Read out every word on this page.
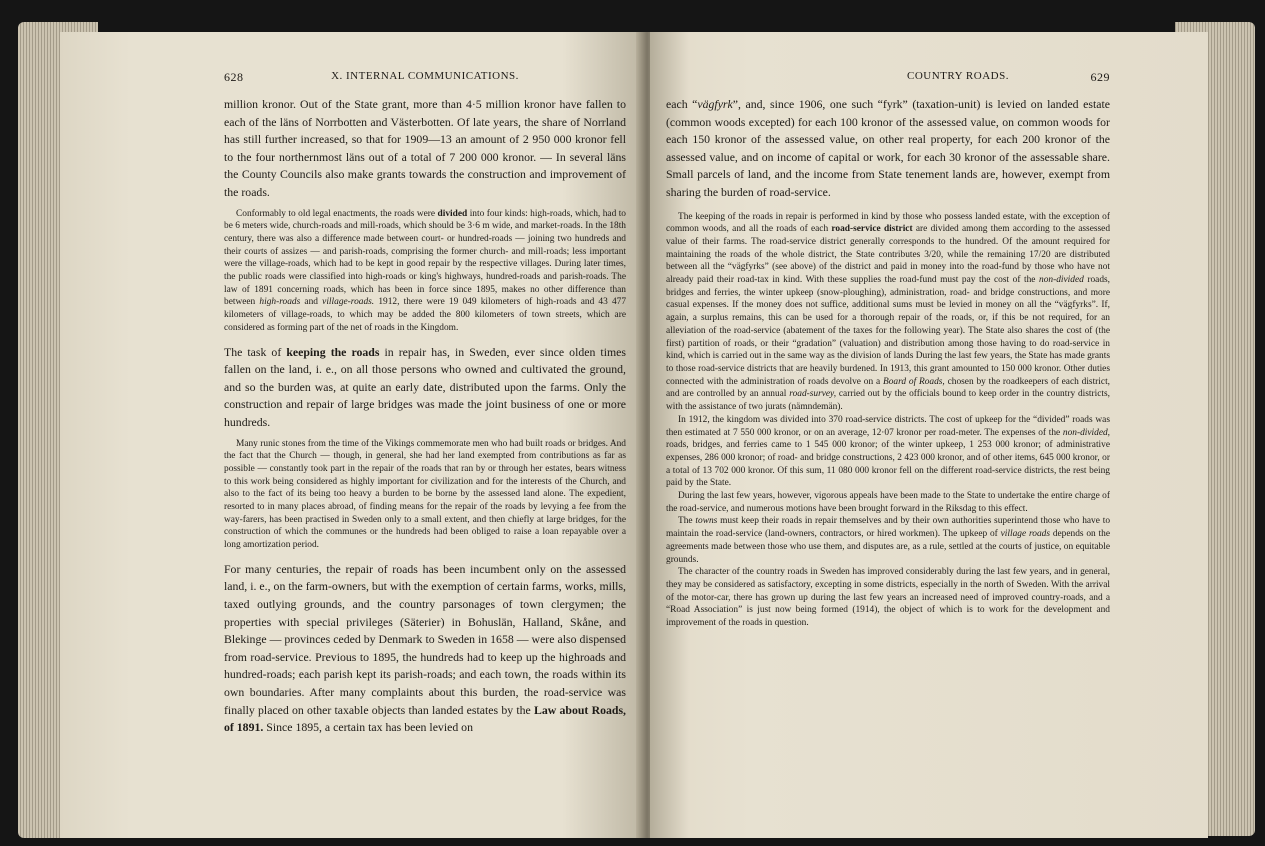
628	X. INTERNAL COMMUNICATIONS.

million kronor. Out of the State grant, more than 4·5 million kronor have fallen to each of the läns of Norrbotten and Västerbotten. Of late years, the share of Norrland has still further increased, so that for 1909—13 an amount of 2 950 000 kronor fell to the four northernmost läns out of a total of 7 200 000 kronor. — In several läns the County Councils also make grants towards the construction and improvement of the roads.

Conformably to old legal enactments, the roads were divided into four kinds: high-roads, which, had to be 6 meters wide, church-roads and mill-roads, which should be 3·6 m wide, and market-roads. In the 18th century, there was also a difference made between court- or hundred-roads — joining two hundreds and their courts of assizes — and parish-roads, comprising the former church- and mill-roads; less important were the village-roads, which had to be kept in good repair by the respective villages. During later times, the public roads were classified into high-roads or king's highways, hundred-roads and parish-roads. The law of 1891 concerning roads, which has been in force since 1895, makes no other difference than between high-roads and village-roads. 1912, there were 19 049 kilometers of high-roads and 43 477 kilometers of village-roads, to which may be added the 800 kilometers of town streets, which are considered as forming part of the net of roads in the Kingdom.

The task of keeping the roads in repair has, in Sweden, ever since olden times fallen on the land, i. e., on all those persons who owned and cultivated the ground, and so the burden was, at quite an early date, distributed upon the farms. Only the construction and repair of large bridges was made the joint business of one or more hundreds.

Many runic stones from the time of the Vikings commemorate men who had built roads or bridges. And the fact that the Church — though, in general, she had her land exempted from contributions as far as possible — constantly took part in the repair of the roads that ran by or through her estates, bears witness to this work being considered as highly important for civilization and for the interests of the Church, and also to the fact of its being too heavy a burden to be borne by the assessed land alone. The expedient, resorted to in many places abroad, of finding means for the repair of the roads by levying a fee from the way-farers, has been practised in Sweden only to a small extent, and then chiefly at large bridges, for the construction of which the communes or the hundreds had been obliged to raise a loan repayable over a long amortization period.

For many centuries, the repair of roads has been incumbent only on the assessed land, i. e., on the farm-owners, but with the exemption of certain farms, works, mills, taxed outlying grounds, and the country parsonages of town clergymen; the properties with special privileges (Säterier) in Bohuslän, Halland, Skåne, and Blekinge — provinces ceded by Denmark to Sweden in 1658 — were also dispensed from road-service. Previous to 1895, the hundreds had to keep up the highroads and hundred-roads; each parish kept its parish-roads; and each town, the roads within its own boundaries. After many complaints about this burden, the road-service was finally placed on other taxable objects than landed estates by the Law about Roads, of 1891. Since 1895, a certain tax has been levied on

COUNTRY ROADS.	629

each “vägfyrk”, and, since 1906, one such “fyrk” (taxation-unit) is levied on landed estate (common woods excepted) for each 100 kronor of the assessed value, on common woods for each 150 kronor of the assessed value, on other real property, for each 200 kronor of the assessed value, and on income of capital or work, for each 30 kronor of the assessable share. Small parcels of land, and the income from State tenement lands are, however, exempt from sharing the burden of road-service.

The keeping of the roads in repair is performed in kind by those who possess landed estate, with the exception of common woods, and all the roads of each road-service district are divided among them according to the assessed value of their farms. The road-service district generally corresponds to the hundred. Of the amount required for maintaining the roads of the whole district, the State contributes 3/20, while the remaining 17/20 are distributed between all the “vägfyrks” (see above) of the district and paid in money into the road-fund by those who have not already paid their road-tax in kind. With these supplies the road-fund must pay the cost of the non-divided roads, bridges and ferries, the winter upkeep (snow-ploughing), administration, road- and bridge constructions, and more casual expenses. If the money does not suffice, additional sums must be levied in money on all the “vägfyrks”. If, again, a surplus remains, this can be used for a thorough repair of the roads, or, if this be not required, for an alleviation of the road-service (abatement of the taxes for the following year). The State also shares the cost of (the first) partition of roads, or their “gradation” (valuation) and distribution among those having to do road-service in kind, which is carried out in the same way as the division of lands During the last few years, the State has made grants to those road-service districts that are heavily burdened. In 1913, this grant amounted to 150 000 kronor. Other duties connected with the administration of roads devolve on a Board of Roads, chosen by the roadkeepers of each district, and are controlled by an annual road-survey, carried out by the officials bound to keep order in the country districts, with the assistance of two jurats (nämndemän).

In 1912, the kingdom was divided into 370 road-service districts. The cost of upkeep for the “divided” roads was then estimated at 7 550 000 kronor, or on an average, 12·07 kronor per road-meter. The expenses of the non-divided, roads, bridges, and ferries came to 1 545 000 kronor; of the winter upkeep, 1 253 000 kronor; of administrative expenses, 286 000 kronor; of road- and bridge constructions, 2 423 000 kronor, and of other items, 645 000 kronor, or a total of 13 702 000 kronor. Of this sum, 11 080 000 kronor fell on the different road-service districts, the rest being paid by the State.

During the last few years, however, vigorous appeals have been made to the State to undertake the entire charge of the road-service, and numerous motions have been brought forward in the Riksdag to this effect.

The towns must keep their roads in repair themselves and by their own authorities superintend those who have to maintain the road-service (land-owners, contractors, or hired workmen). The upkeep of village roads depends on the agreements made between those who use them, and disputes are, as a rule, settled at the courts of justice, on equitable grounds.

The character of the country roads in Sweden has improved considerably during the last few years, and in general, they may be considered as satisfactory, excepting in some districts, especially in the north of Sweden. With the arrival of the motor-car, there has grown up during the last few years an increased need of improved country-roads, and a “Road Association” is just now being formed (1914), the object of which is to work for the development and improvement of the roads in question.
